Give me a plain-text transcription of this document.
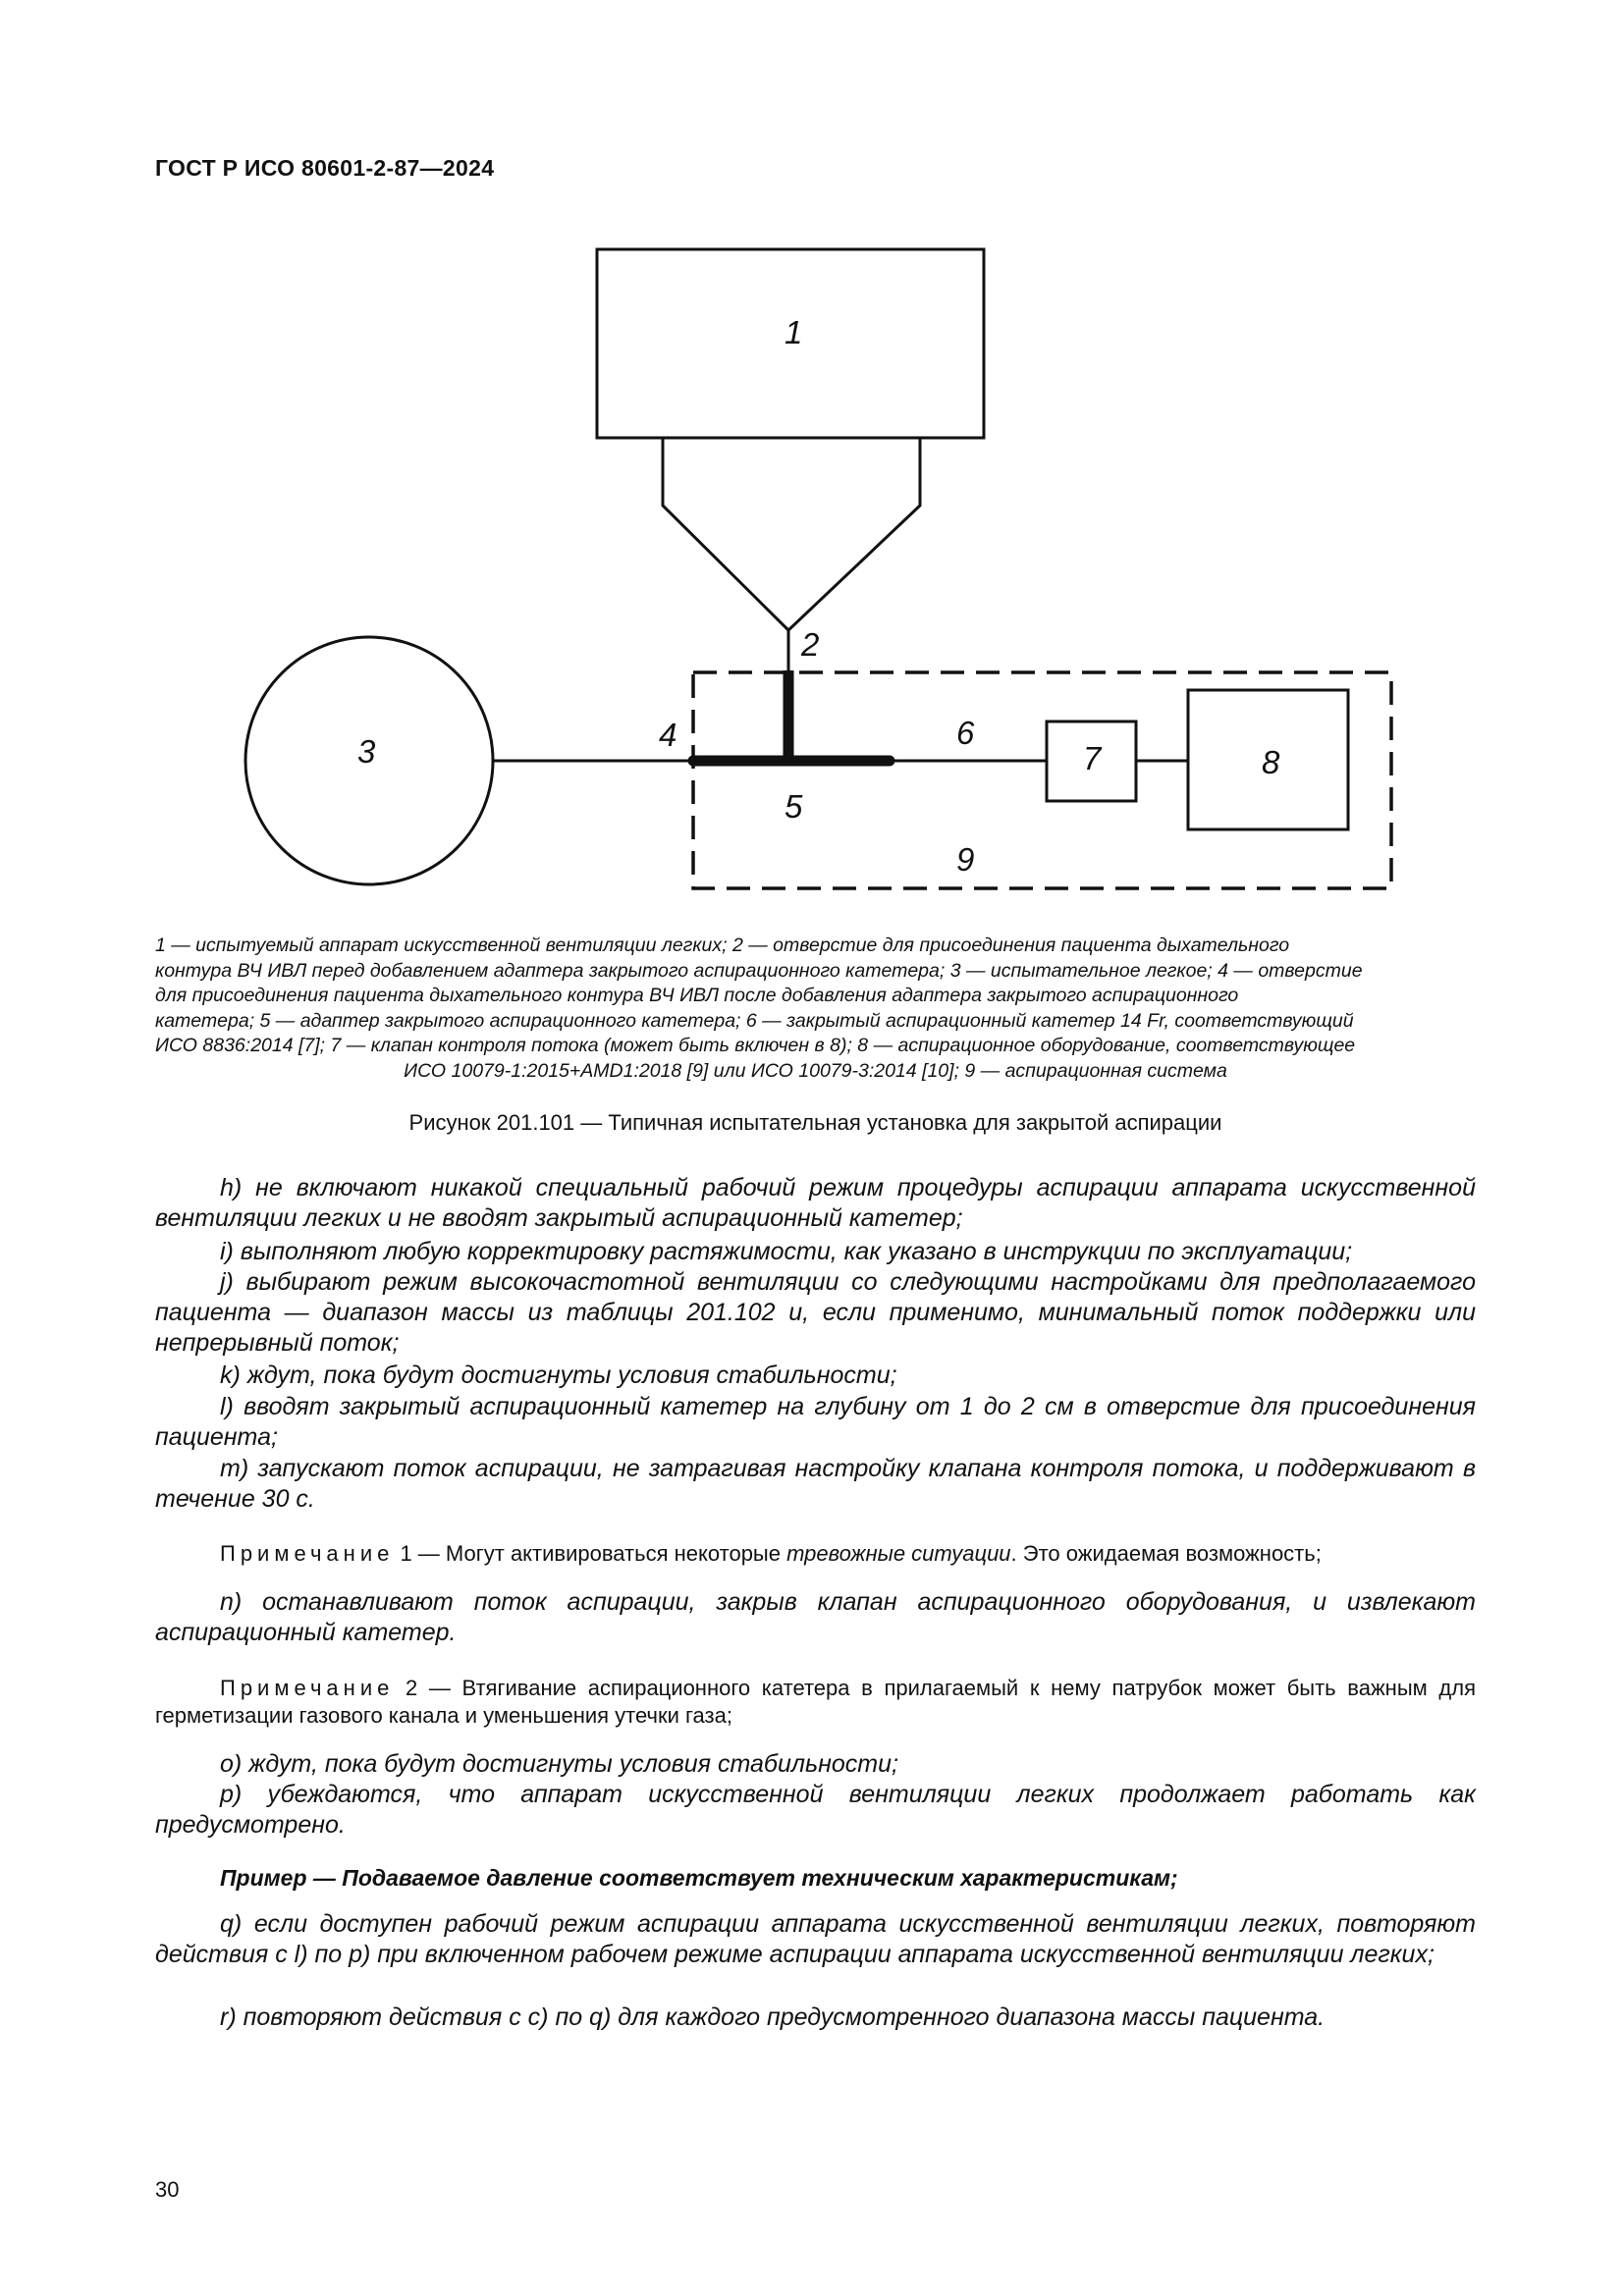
ГОСТ Р ИСО 80601-2-87—2024
1
2
3	4
5
6
7	8
9
1 — испытуемый аппарат искусственной вентиляции легких; 2 — отверстие для присоединения пациента дыхательного
контура ВЧ ИВЛ перед добавлением адаптера закрытого аспирационного катетера; 3 — испытательное легкое; 4 — отверстие
для присоединения пациента дыхательного контура ВЧ ИВЛ после добавления адаптера закрытого аспирационного
катетера; 5 — адаптер закрытого аспирационного катетера; 6 — закрытый аспирационный катетер 14 Fr, соответствующий
ИСО 8836:2014 [7]; 7 — клапан контроля потока (может быть включен в 8); 8 — аспирационное оборудование, соответствующее
ИСО 10079-1:2015+AMD1:2018 [9] или ИСО 10079-3:2014 [10]; 9 — аспирационная система
Рисунок 201.101 — Типичная испытательная установка для закрытой аспирации
h) не включают никакой специальный рабочий режим процедуры аспирации аппарата искусственной вентиляции легких и не вводят закрытый аспирационный катетер;
i) выполняют любую корректировку растяжимости, как указано в инструкции по эксплуатации;
j) выбирают режим высокочастотной вентиляции со следующими настройками для предполагаемого пациента — диапазон массы из таблицы 201.102 и, если применимо, минимальный поток поддержки или непрерывный поток;
k) ждут, пока будут достигнуты условия стабильности;
l) вводят закрытый аспирационный катетер на глубину от 1 до 2 см в отверстие для присоединения пациента;
m) запускают поток аспирации, не затрагивая настройку клапана контроля потока, и поддерживают в течение 30 с.
Примечание 1 — Могут активироваться некоторые тревожные ситуации. Это ожидаемая возможность;
n) останавливают поток аспирации, закрыв клапан аспирационного оборудования, и извлекают аспирационный катетер.
Примечание 2 — Втягивание аспирационного катетера в прилагаемый к нему патрубок может быть важным для герметизации газового канала и уменьшения утечки газа;
o) ждут, пока будут достигнуты условия стабильности;
p) убеждаются, что аппарат искусственной вентиляции легких продолжает работать как предусмотрено.
Пример — Подаваемое давление соответствует техническим характеристикам;
q) если доступен рабочий режим аспирации аппарата искусственной вентиляции легких, повторяют действия с l) по p) при включенном рабочем режиме аспирации аппарата искусственной вентиляции легких;
r) повторяют действия с c) по q) для каждого предусмотренного диапазона массы пациента.
30
